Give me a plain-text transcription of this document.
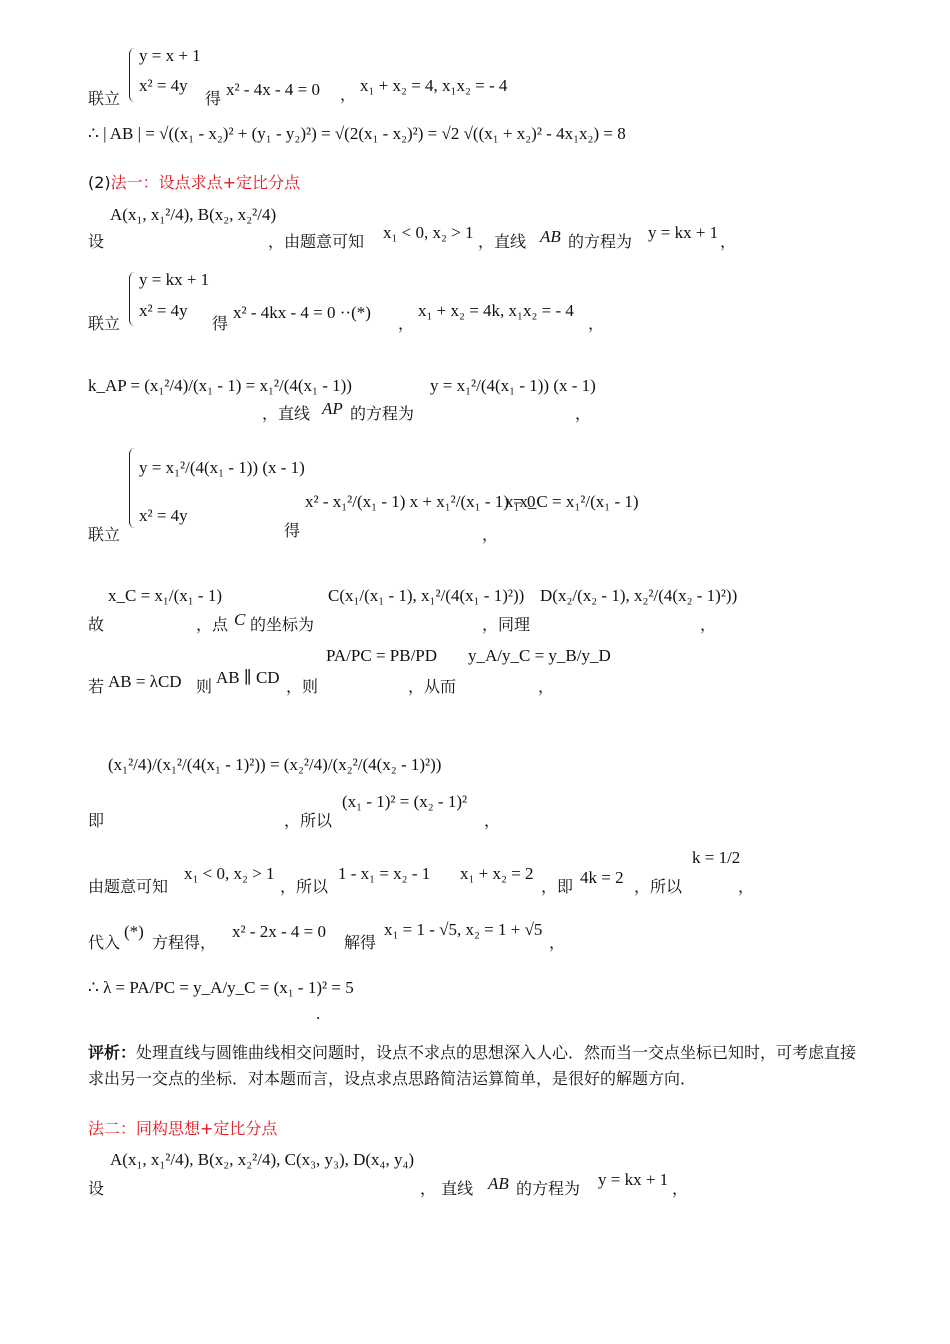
y = x + 1
x² = 4y
联立	得 x² - 4x - 4 = 0 ， x₁ + x₂ = 4, x₁x₂ = - 4
∴ | AB | = √((x₁ - x₂)² + (y₁ - y₂)²) = √(2(x₁ - x₂)²) = √2 √((x₁ + x₂)² - 4x₁x₂) = 8
(2)法一：设点求点+定比分点
设
A(x₁, x₁²/4), B(x₂, x₂²/4)
，由题意可知 x₁ < 0, x₂ > 1 ，直线 AB 的方程为 y = kx + 1 ，
y = kx + 1
x² = 4y
联立	得
x² - 4kx - 4 = 0 ··(*)
，
x₁ + x₂ = 4k, x₁x₂ = - 4
，
k_AP = (x₁²/4)/(x₁ - 1) = x₁²/(4(x₁ - 1))
，直线 AP 的方程为
y = x₁²/(4(x₁ - 1)) (x - 1)
，
y = x₁²/(4(x₁ - 1)) (x - 1)
x² = 4y
联立	得
x² - x₁²/(x₁ - 1) x + x₁²/(x₁ - 1) = 0
x₁x_C = x₁²/(x₁ - 1)
，
故
x_C = x₁/(x₁ - 1)
，点 C 的坐标为
C(x₁/(x₁ - 1), x₁²/(4(x₁ - 1)²))
，同理
D(x₂/(x₂ - 1), x₂²/(4(x₂ - 1)²))
，
若 AB = λCD 则 AB ∥ CD ，则
PA/PC = PB/PD
，从而
y_A/y_C = y_B/y_D
，
即
(x₁²/4)/(x₁²/(4(x₁ - 1)²)) = (x₂²/4)/(x₂²/(4(x₂ - 1)²))
，所以
(x₁ - 1)² = (x₂ - 1)²
，
由题意可知
x₁ < 0, x₂ > 1
，所以
1 - x₁ = x₂ - 1 x₁ + x₂ = 2
，即 4k = 2 ，所以
k = 1/2
，
代入
(*)
方程得，
x² - 2x - 4 = 0
解得
x₁ = 1 - √5, x₂ = 1 + √5
，
∴ λ = PA/PC = y_A/y_C = (x₁ - 1)² = 5
.
评析：处理直线与圆锥曲线相交问题时，设点不求点的思想深入人心．然而当一交点坐标已知时，可考虑直接求出另一交点的坐标．对本题而言，设点求点思路简洁运算简单，是很好的解题方向．
法二：同构思想+定比分点
设
A(x₁, x₁²/4), B(x₂, x₂²/4), C(x₃, y₃), D(x₄, y₄)
， 直线 AB 的方程为 y = kx + 1 ，
